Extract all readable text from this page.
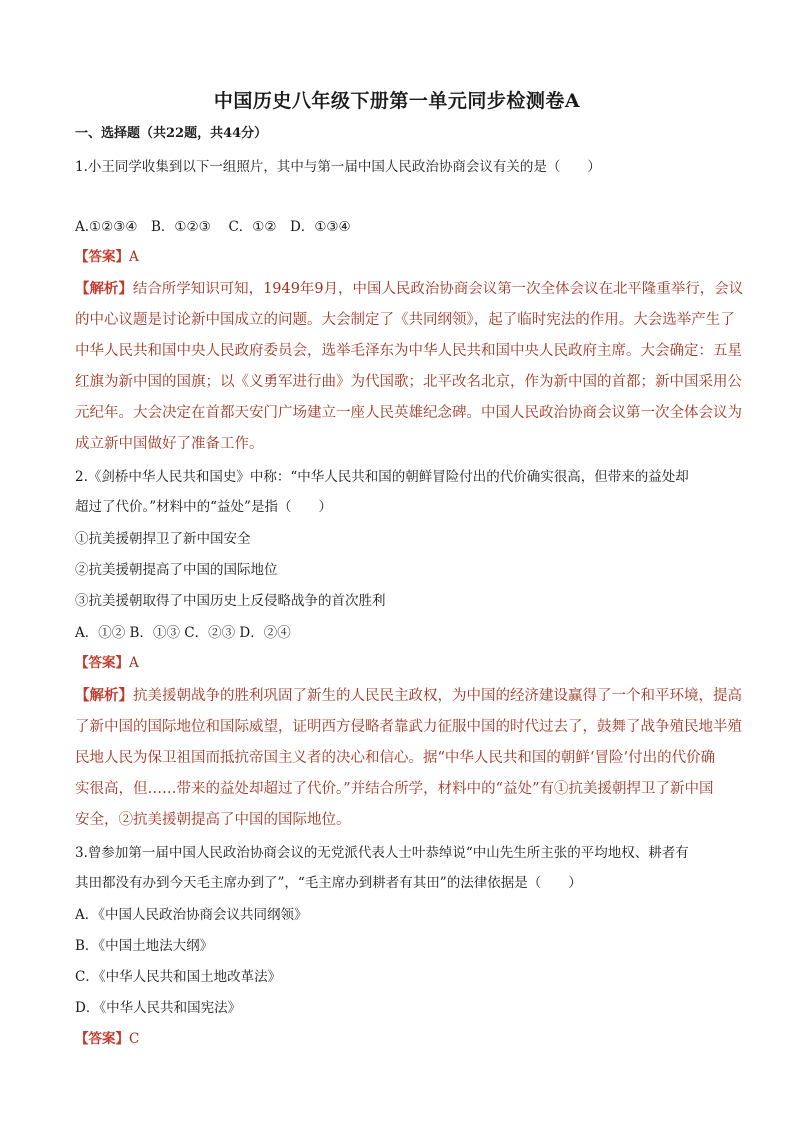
中国历史八年级下册第一单元同步检测卷A
一、选择题（共22题，共44分）
1.小王同学收集到以下一组照片，其中与第一届中国人民政治协商会议有关的是（　　）
A.①②③④　B．①②③　 C．①②　D．①③④
【答案】A
【解析】结合所学知识可知，1949年9月，中国人民政治协商会议第一次全体会议在北平隆重举行，会议
的中心议题是讨论新中国成立的问题。大会制定了《共同纲领》，起了临时宪法的作用。大会选举产生了
中华人民共和国中央人民政府委员会，选举毛泽东为中华人民共和国中央人民政府主席。大会确定：五星
红旗为新中国的国旗；以《义勇军进行曲》为代国歌；北平改名北京，作为新中国的首都；新中国采用公
元纪年。大会决定在首都天安门广场建立一座人民英雄纪念碑。中国人民政治协商会议第一次全体会议为
成立新中国做好了准备工作。
2.《剑桥中华人民共和国史》中称：“中华人民共和国的朝鲜冒险付出的代价确实很高，但带来的益处却
超过了代价。”材料中的“益处”是指（　　）
①抗美援朝捍卫了新中国安全
②抗美援朝提高了中国的国际地位
③抗美援朝取得了中国历史上反侵略战争的首次胜利
A．①② B．①③ C．②③ D．②④
【答案】A
【解析】抗美援朝战争的胜利巩固了新生的人民民主政权，为中国的经济建设赢得了一个和平环境，提高
了新中国的国际地位和国际威望，证明西方侵略者靠武力征服中国的时代过去了，鼓舞了战争殖民地半殖
民地人民为保卫祖国而抵抗帝国主义者的决心和信心。据“中华人民共和国的朝鲜‘冒险’付出的代价确
实很高，但……带来的益处却超过了代价。”并结合所学，材料中的“益处”有①抗美援朝捍卫了新中国
安全，②抗美援朝提高了中国的国际地位。
3.曾参加第一届中国人民政治协商会议的无党派代表人士叶恭绰说“中山先生所主张的平均地权、耕者有
其田都没有办到今天毛主席办到了”，“毛主席办到耕者有其田”的法律依据是（　　）
A．《中国人民政治协商会议共同纲领》
B．《中国土地法大纲》
C．《中华人民共和国土地改革法》
D．《中华人民共和国宪法》
【答案】C
